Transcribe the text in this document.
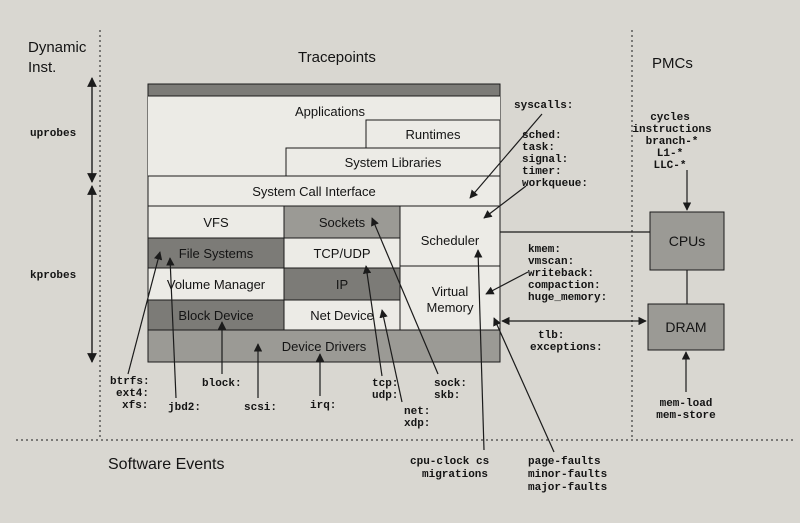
Dynamic
Inst.
Tracepoints	PMCs
Software Events
uprobes
kprobes
Applications
Runtimes
System Libraries
System Call Interface
VFS	Sockets
Scheduler
File Systems	TCP/UDP
Volume Manager	IP	Virtual
Memory
Block Device	Net Device
Device Drivers
CPUs
DRAM
syscalls:
sched:
task:
signal:
timer:
workqueue:
kmem:
vmscan:
writeback:
compaction:
huge_memory:
tlb:
exceptions:
btrfs:
ext4:
xfs: jbd2:
block:
scsi:	irq:
tcp:
udp:
net:
xdp:
sock:
skb:
cycles
instructions
branch-*
L1-*
LLC-*
mem-load
mem-store
cpu-clock cs
migrations
page-faults
minor-faults
major-faults
